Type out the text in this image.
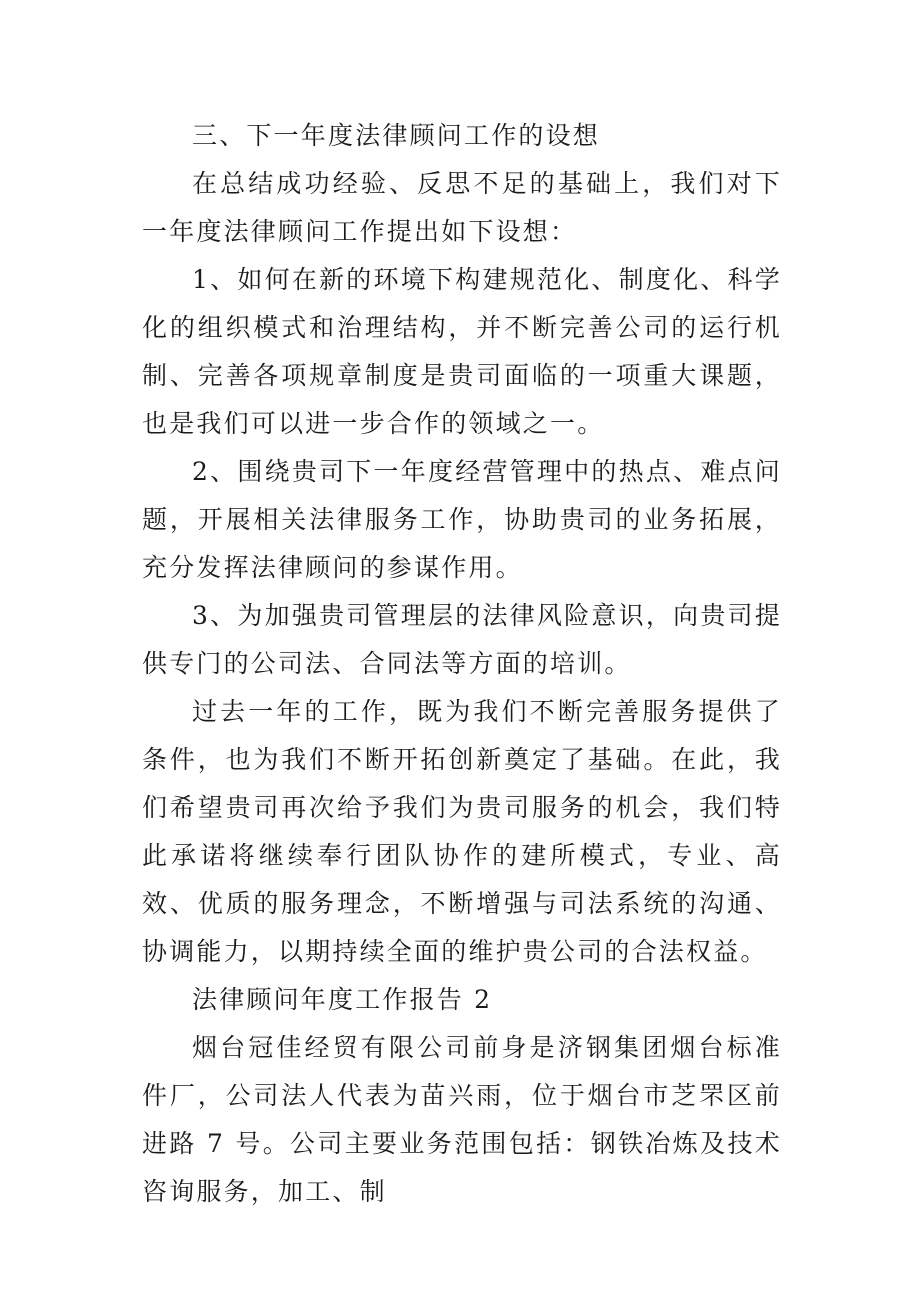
三、下一年度法律顾问工作的设想

在总结成功经验、反思不足的基础上，我们对下一年度法律顾问工作提出如下设想：

1、如何在新的环境下构建规范化、制度化、科学化的组织模式和治理结构，并不断完善公司的运行机制、完善各项规章制度是贵司面临的一项重大课题，也是我们可以进一步合作的领域之一。

2、围绕贵司下一年度经营管理中的热点、难点问题，开展相关法律服务工作，协助贵司的业务拓展，充分发挥法律顾问的参谋作用。

3、为加强贵司管理层的法律风险意识，向贵司提供专门的公司法、合同法等方面的培训。

过去一年的工作，既为我们不断完善服务提供了条件，也为我们不断开拓创新奠定了基础。在此，我们希望贵司再次给予我们为贵司服务的机会，我们特此承诺将继续奉行团队协作的建所模式，专业、高效、优质的服务理念，不断增强与司法系统的沟通、协调能力，以期持续全面的维护贵公司的合法权益。

法律顾问年度工作报告 2

烟台冠佳经贸有限公司前身是济钢集团烟台标准件厂，公司法人代表为苗兴雨，位于烟台市芝罘区前进路 7 号。公司主要业务范围包括：钢铁冶炼及技术咨询服务，加工、制
